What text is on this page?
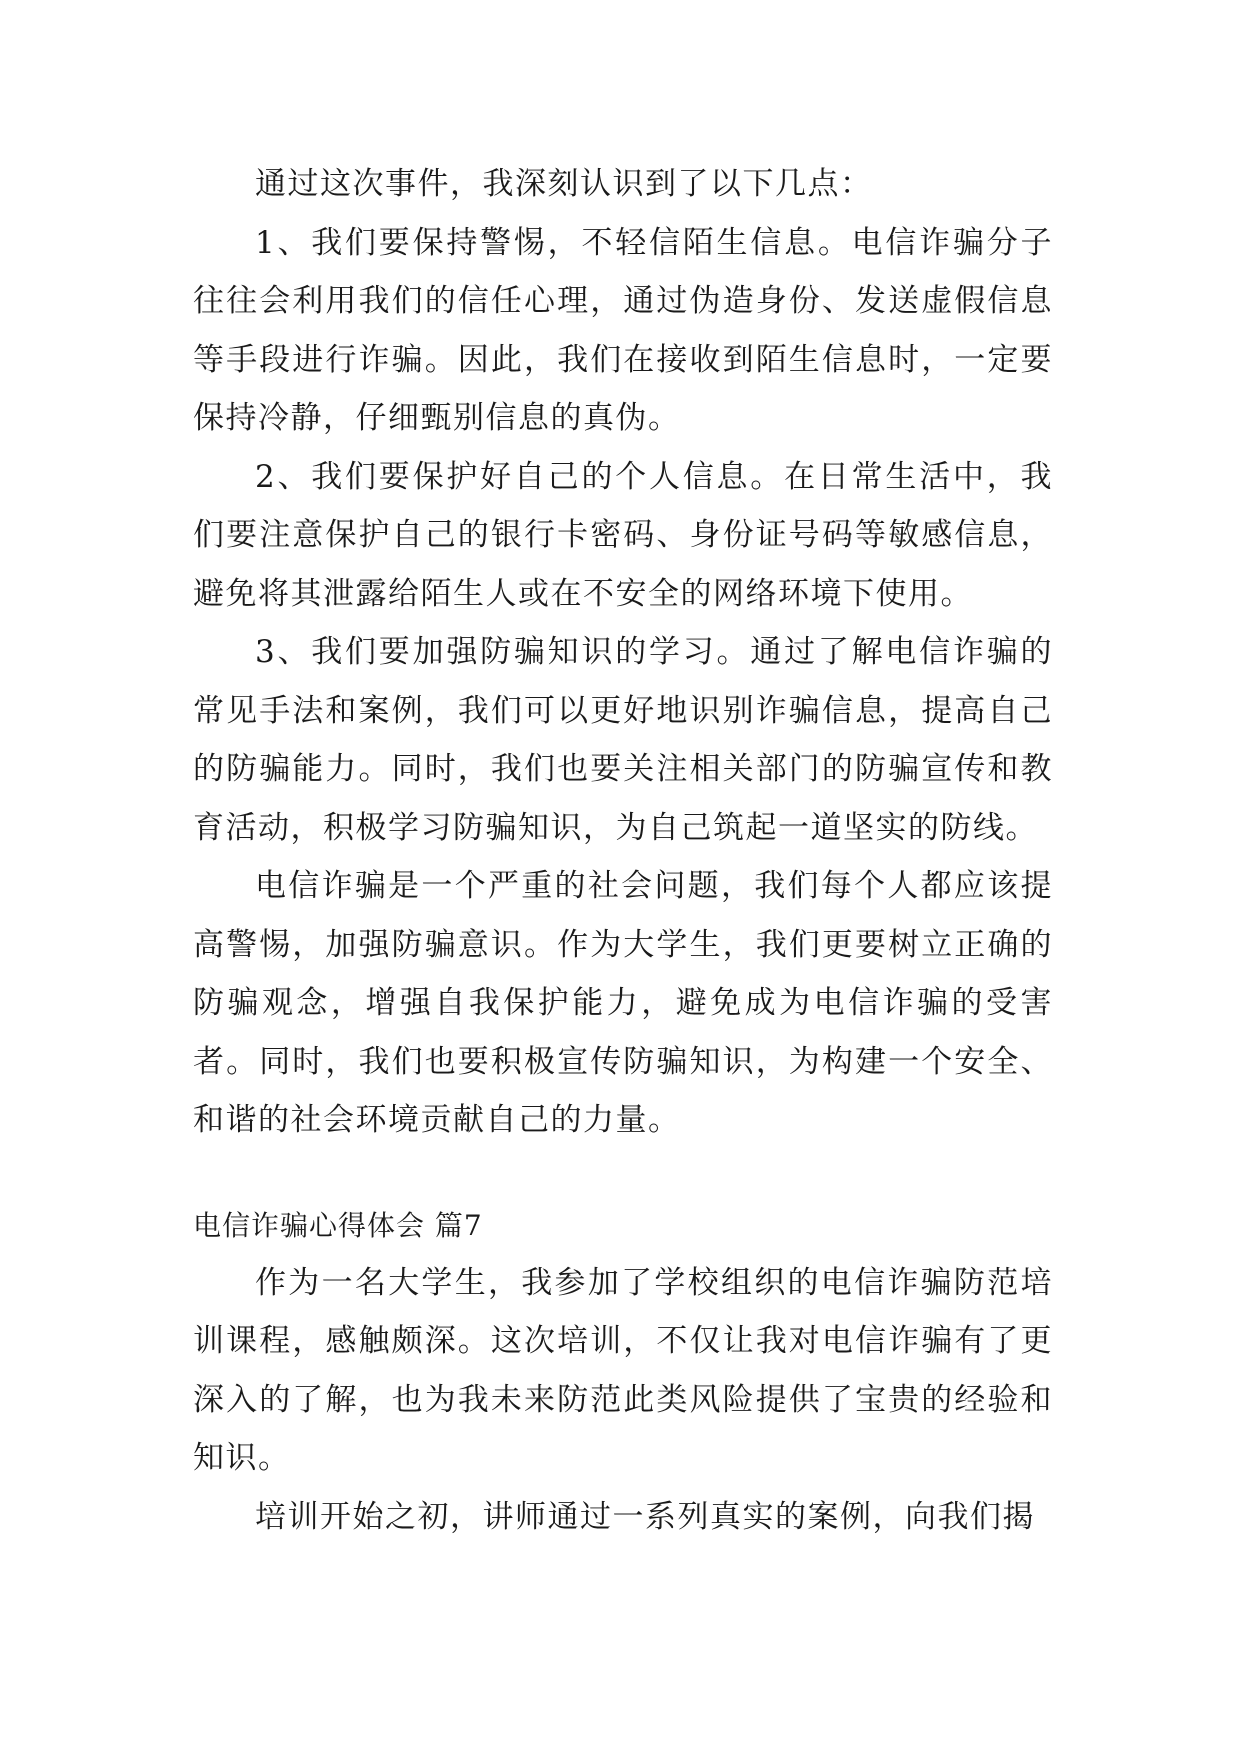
通过这次事件，我深刻认识到了以下几点：

1、我们要保持警惕，不轻信陌生信息。电信诈骗分子往往会利用我们的信任心理，通过伪造身份、发送虚假信息等手段进行诈骗。因此，我们在接收到陌生信息时，一定要保持冷静，仔细甄别信息的真伪。

2、我们要保护好自己的个人信息。在日常生活中，我们要注意保护自己的银行卡密码、身份证号码等敏感信息，避免将其泄露给陌生人或在不安全的网络环境下使用。

3、我们要加强防骗知识的学习。通过了解电信诈骗的常见手法和案例，我们可以更好地识别诈骗信息，提高自己的防骗能力。同时，我们也要关注相关部门的防骗宣传和教育活动，积极学习防骗知识，为自己筑起一道坚实的防线。

电信诈骗是一个严重的社会问题，我们每个人都应该提高警惕，加强防骗意识。作为大学生，我们更要树立正确的防骗观念，增强自我保护能力，避免成为电信诈骗的受害者。同时，我们也要积极宣传防骗知识，为构建一个安全、和谐的社会环境贡献自己的力量。

电信诈骗心得体会 篇7

作为一名大学生，我参加了学校组织的电信诈骗防范培训课程，感触颇深。这次培训，不仅让我对电信诈骗有了更深入的了解，也为我未来防范此类风险提供了宝贵的经验和知识。

培训开始之初，讲师通过一系列真实的案例，向我们揭
